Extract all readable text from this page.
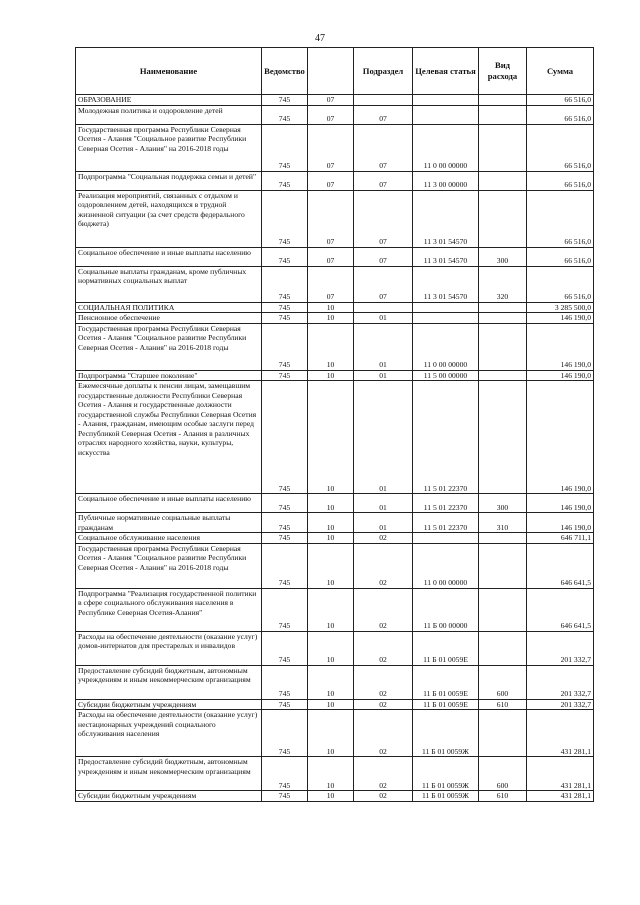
47
Наименование	Ведомство		Подраздел	Целевая статья	Вид расхода	Сумма
ОБРАЗОВАНИЕ	745	07				66 516,0
Молодежная политика и оздоровление детей	745	07	07			66 516,0
Государственная программа Республики Северная Осетия - Алания "Социальное развитие Республики Северная Осетия - Алания" на 2016-2018 годы	745	07	07	11 0 00 00000		66 516,0
Подпрограмма "Социальная поддержка семьи и детей"	745	07	07	11 3 00 00000		66 516,0
Реализация мероприятий, связанных с отдыхом и оздоровлением детей, находящихся в трудной жизненной ситуации (за счет средств федерального бюджета)	745	07	07	11 3 01 54570		66 516,0
Социальное обеспечение и иные выплаты населению	745	07	07	11 3 01 54570	300	66 516,0
Социальные выплаты гражданам, кроме публичных нормативных социальных выплат	745	07	07	11 3 01 54570	320	66 516,0
СОЦИАЛЬНАЯ ПОЛИТИКА	745	10				3 285 500,0
Пенсионное обеспечение	745	10	01			146 190,0
Государственная программа Республики Северная Осетия - Алания "Социальное развитие Республики Северная Осетия - Алания" на 2016-2018 годы	745	10	01	11 0 00 00000		146 190,0
Подпрограмма "Старшее поколение"	745	10	01	11 5 00 00000		146 190,0
Ежемесячные доплаты к пенсии лицам, замещавшим государственные должности Республики Северная Осетия - Алания и государственные должности государственной службы Республики Северная Осетия - Алания, гражданам, имеющим особые заслуги перед Республикой Северная Осетия - Алания в различных отраслях народного хозяйства, науки, культуры, искусства	745	10	01	11 5 01 22370		146 190,0
Социальное обеспечение и иные выплаты населению	745	10	01	11 5 01 22370	300	146 190,0
Публичные нормативные социальные выплаты гражданам	745	10	01	11 5 01 22370	310	146 190,0
Социальное обслуживание населения	745	10	02			646 711,1
Государственная программа Республики Северная Осетия - Алания "Социальное развитие Республики Северная Осетия - Алания" на 2016-2018 годы	745	10	02	11 0 00 00000		646 641,5
Подпрограмма "Реализация государственной политики в сфере социального обслуживания населения в Республике Северная Осетия-Алания"	745	10	02	11 Б 00 00000		646 641,5
Расходы на обеспечение деятельности (оказание услуг) домов-интернатов для престарелых и инвалидов	745	10	02	11 Б 01 0059Е		201 332,7
Предоставление субсидий бюджетным, автономным учреждениям и иным некоммерческим организациям	745	10	02	11 Б 01 0059Е	600	201 332,7
Субсидии бюджетным учреждениям	745	10	02	11 Б 01 0059Е	610	201 332,7
Расходы на обеспечение деятельности (оказание услуг) нестационарных учреждений социального обслуживания населения	745	10	02	11 Б 01 0059Ж		431 281,1
Предоставление субсидий бюджетным, автономным учреждениям и иным некоммерческим организациям	745	10	02	11 Б 01 0059Ж	600	431 281,1
Субсидии бюджетным учреждениям	745	10	02	11 Б 01 0059Ж	610	431 281,1
